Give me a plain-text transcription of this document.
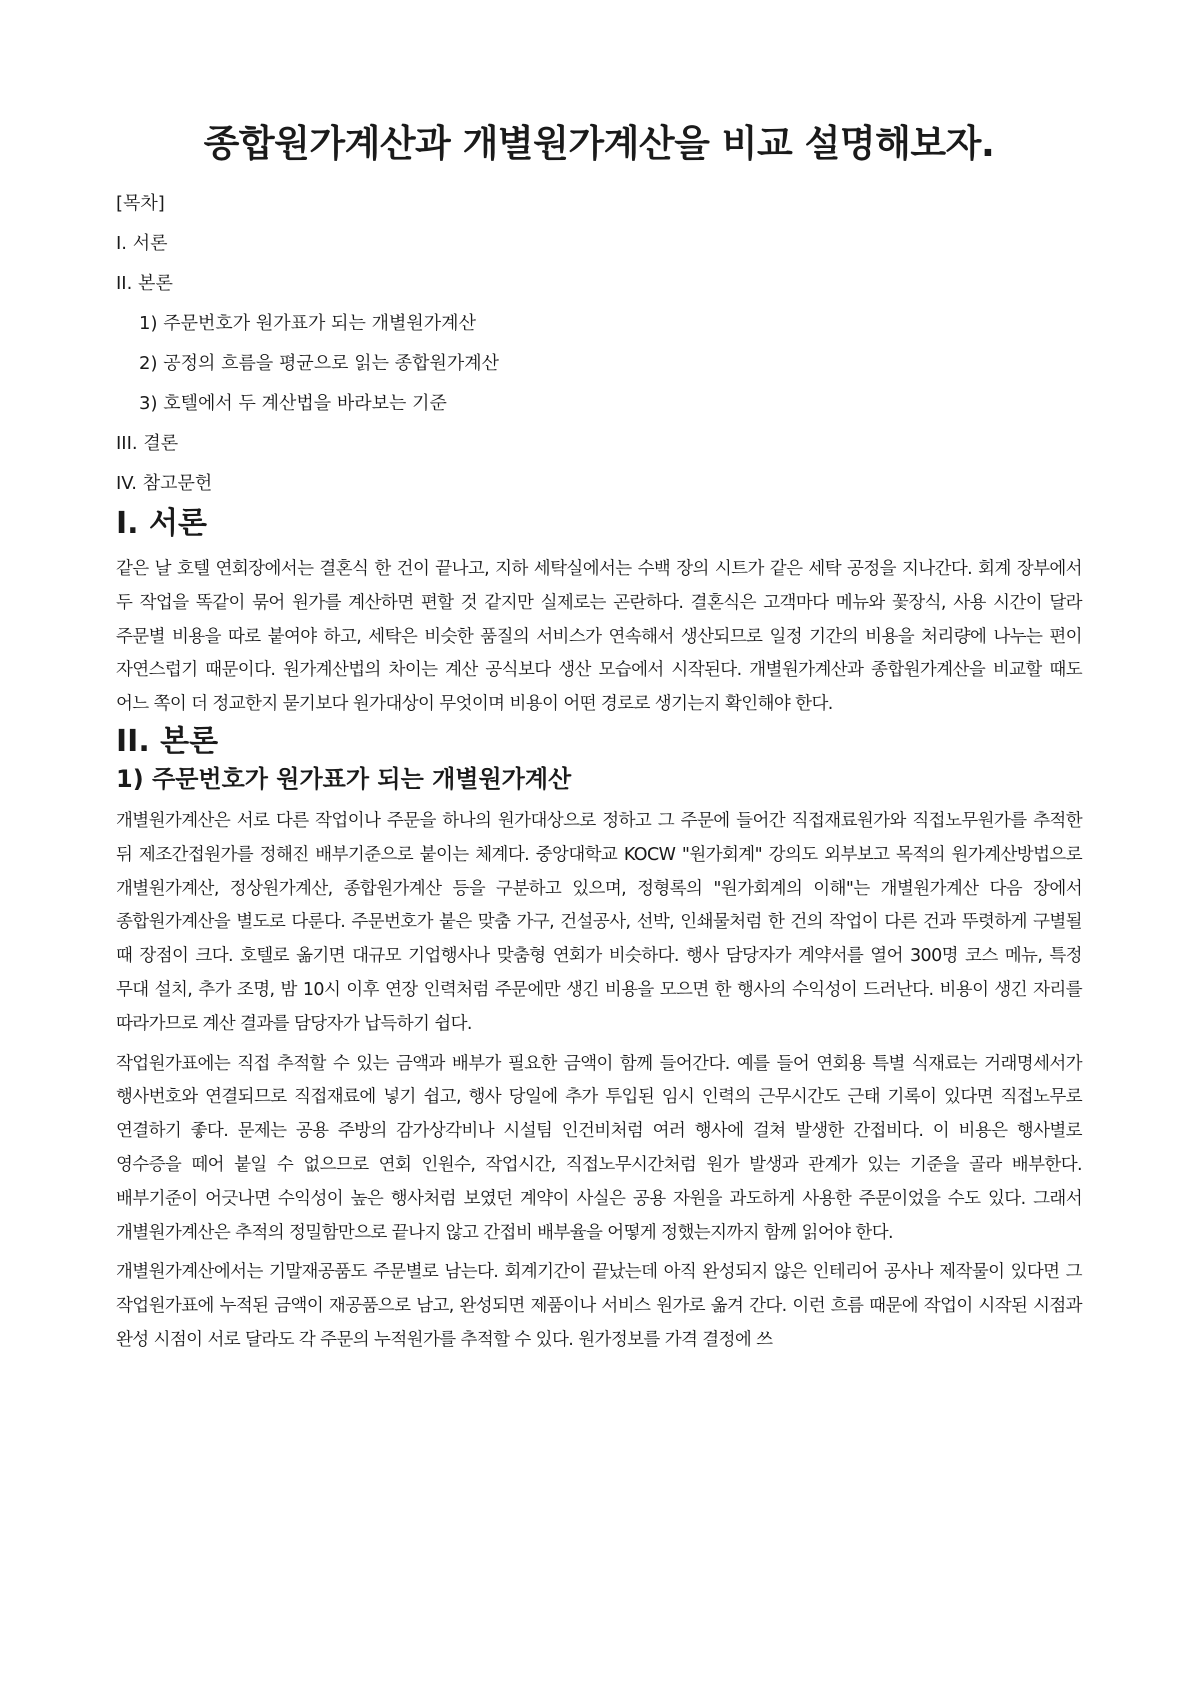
종합원가계산과 개별원가계산을 비교 설명해보자.
[목차]
I. 서론
II. 본론
1) 주문번호가 원가표가 되는 개별원가계산
2) 공정의 흐름을 평균으로 읽는 종합원가계산
3) 호텔에서 두 계산법을 바라보는 기준
III. 결론
IV. 참고문헌
I. 서론

같은 날 호텔 연회장에서는 결혼식 한 건이 끝나고, 지하 세탁실에서는 수백 장의 시트가 같은 세탁 공정을 지나간다. 회계 장부에서 두 작업을 똑같이 묶어 원가를 계산하면 편할 것 같지만 실제로는 곤란하다. 결혼식은 고객마다 메뉴와 꽃장식, 사용 시간이 달라 주문별 비용을 따로 붙여야 하고, 세탁은 비슷한 품질의 서비스가 연속해서 생산되므로 일정 기간의 비용을 처리량에 나누는 편이 자연스럽기 때문이다. 원가계산법의 차이는 계산 공식보다 생산 모습에서 시작된다. 개별원가계산과 종합원가계산을 비교할 때도 어느 쪽이 더 정교한지 묻기보다 원가대상이 무엇이며 비용이 어떤 경로로 생기는지 확인해야 한다.

II. 본론
1) 주문번호가 원가표가 되는 개별원가계산

개별원가계산은 서로 다른 작업이나 주문을 하나의 원가대상으로 정하고 그 주문에 들어간 직접재료원가와 직접노무원가를 추적한 뒤 제조간접원가를 정해진 배부기준으로 붙이는 체계다. 중앙대학교 KOCW "원가회계" 강의도 외부보고 목적의 원가계산방법으로 개별원가계산, 정상원가계산, 종합원가계산 등을 구분하고 있으며, 정형록의 "원가회계의 이해"는 개별원가계산 다음 장에서 종합원가계산을 별도로 다룬다. 주문번호가 붙은 맞춤 가구, 건설공사, 선박, 인쇄물처럼 한 건의 작업이 다른 건과 뚜렷하게 구별될 때 장점이 크다. 호텔로 옮기면 대규모 기업행사나 맞춤형 연회가 비슷하다. 행사 담당자가 계약서를 열어 300명 코스 메뉴, 특정 무대 설치, 추가 조명, 밤 10시 이후 연장 인력처럼 주문에만 생긴 비용을 모으면 한 행사의 수익성이 드러난다. 비용이 생긴 자리를 따라가므로 계산 결과를 담당자가 납득하기 쉽다.

작업원가표에는 직접 추적할 수 있는 금액과 배부가 필요한 금액이 함께 들어간다. 예를 들어 연회용 특별 식재료는 거래명세서가 행사번호와 연결되므로 직접재료에 넣기 쉽고, 행사 당일에 추가 투입된 임시 인력의 근무시간도 근태 기록이 있다면 직접노무로 연결하기 좋다. 문제는 공용 주방의 감가상각비나 시설팀 인건비처럼 여러 행사에 걸쳐 발생한 간접비다. 이 비용은 행사별로 영수증을 떼어 붙일 수 없으므로 연회 인원수, 작업시간, 직접노무시간처럼 원가 발생과 관계가 있는 기준을 골라 배부한다. 배부기준이 어긋나면 수익성이 높은 행사처럼 보였던 계약이 사실은 공용 자원을 과도하게 사용한 주문이었을 수도 있다. 그래서 개별원가계산은 추적의 정밀함만으로 끝나지 않고 간접비 배부율을 어떻게 정했는지까지 함께 읽어야 한다.

개별원가계산에서는 기말재공품도 주문별로 남는다. 회계기간이 끝났는데 아직 완성되지 않은 인테리어 공사나 제작물이 있다면 그 작업원가표에 누적된 금액이 재공품으로 남고, 완성되면 제품이나 서비스 원가로 옮겨 간다. 이런 흐름 때문에 작업이 시작된 시점과 완성 시점이 서로 달라도 각 주문의 누적원가를 추적할 수 있다. 원가정보를 가격 결정에 쓰
